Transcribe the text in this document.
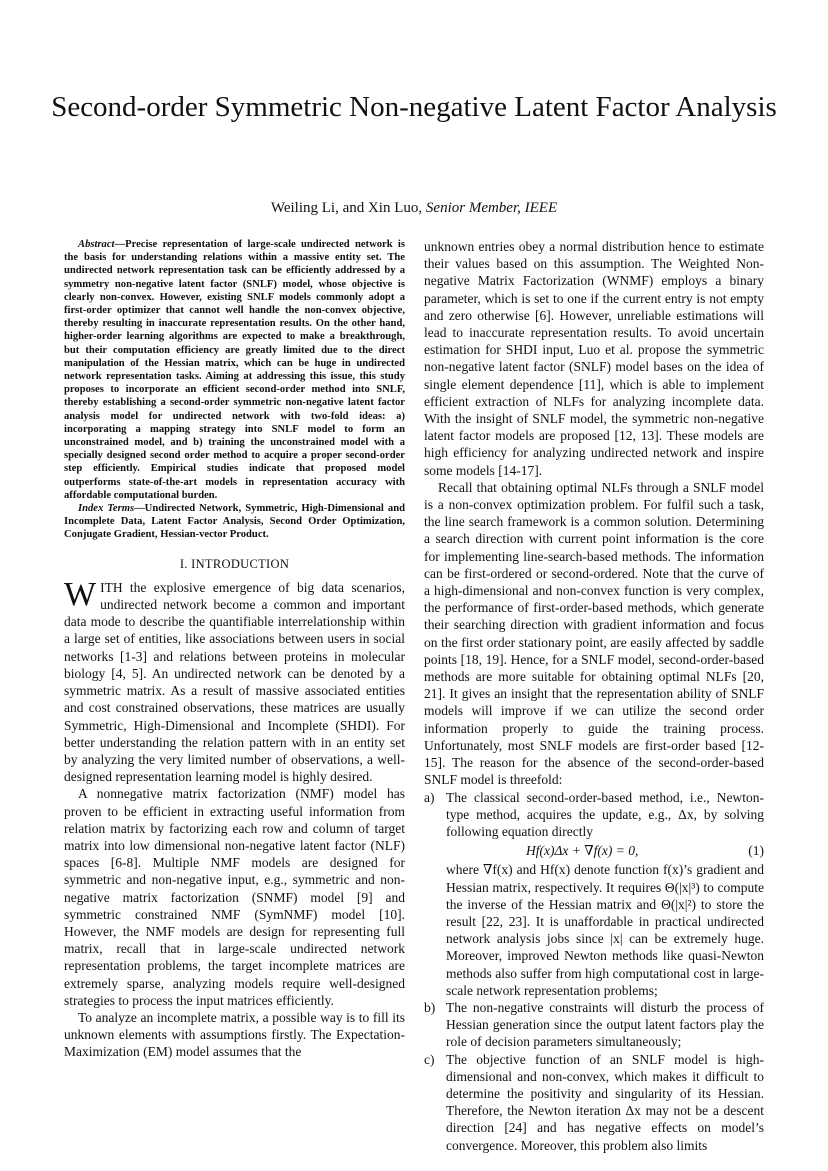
Second-order Symmetric Non-negative Latent Factor Analysis
Weiling Li, and Xin Luo, Senior Member, IEEE

Abstract—Precise representation of large-scale undirected network is the basis for understanding relations within a massive entity set. The undirected network representation task can be efficiently addressed by a symmetry non-negative latent factor (SNLF) model, whose objective is clearly non-convex. However, existing SNLF models commonly adopt a first-order optimizer that cannot well handle the non-convex objective, thereby resulting in inaccurate representation results. On the other hand, higher-order learning algorithms are expected to make a breakthrough, but their computation efficiency are greatly limited due to the direct manipulation of the Hessian matrix, which can be huge in undirected network representation tasks. Aiming at addressing this issue, this study proposes to incorporate an efficient second-order method into SNLF, thereby establishing a second-order symmetric non-negative latent factor analysis model for undirected network with two-fold ideas: a) incorporating a mapping strategy into SNLF model to form an unconstrained model, and b) training the unconstrained model with a specially designed second order method to acquire a proper second-order step efficiently. Empirical studies indicate that proposed model outperforms state-of-the-art models in representation accuracy with affordable computational burden.

Index Terms—Undirected Network, Symmetric, High-Dimensional and Incomplete Data, Latent Factor Analysis, Second Order Optimization, Conjugate Gradient, Hessian-vector Product.

I. INTRODUCTION

WITH the explosive emergence of big data scenarios, undirected network become a common and important data mode to describe the quantifiable interrelationship within a large set of entities, like associations between users in social networks [1-3] and relations between proteins in molecular biology [4, 5]. An undirected network can be denoted by a symmetric matrix. As a result of massive associated entities and cost constrained observations, these matrices are usually Symmetric, High-Dimensional and Incomplete (SHDI). For better understanding the relation pattern with in an entity set by analyzing the very limited number of observations, a well-designed representation learning model is highly desired.

A nonnegative matrix factorization (NMF) model has proven to be efficient in extracting useful information from relation matrix by factorizing each row and column of target matrix into low dimensional non-negative latent factor (NLF) spaces [6-8]. Multiple NMF models are designed for symmetric and non-negative input, e.g., symmetric and non-negative matrix factorization (SNMF) model [9] and symmetric constrained NMF (SymNMF) model [10]. However, the NMF models are design for representing full matrix, recall that in large-scale undirected network representation problems, the target incomplete matrices are extremely sparse, analyzing models require well-designed strategies to process the input matrices efficiently.

To analyze an incomplete matrix, a possible way is to fill its unknown elements with assumptions firstly. The Expectation-Maximization (EM) model assumes that the

unknown entries obey a normal distribution hence to estimate their values based on this assumption. The Weighted Non-negative Matrix Factorization (WNMF) employs a binary parameter, which is set to one if the current entry is not empty and zero otherwise [6]. However, unreliable estimations will lead to inaccurate representation results. To avoid uncertain estimation for SHDI input, Luo et al. propose the symmetric non-negative latent factor (SNLF) model bases on the idea of single element dependence [11], which is able to implement efficient extraction of NLFs for analyzing incomplete data. With the insight of SNLF model, the symmetric non-negative latent factor models are proposed [12, 13]. These models are high efficiency for analyzing undirected network and inspire some models [14-17].

Recall that obtaining optimal NLFs through a SNLF model is a non-convex optimization problem. For fulfil such a task, the line search framework is a common solution. Determining a search direction with current point information is the core for implementing line-search-based methods. The information can be first-ordered or second-ordered. Note that the curve of a high-dimensional and non-convex function is very complex, the performance of first-order-based methods, which generate their searching direction with gradient information and focus on the first order stationary point, are easily affected by saddle points [18, 19]. Hence, for a SNLF model, second-order-based methods are more suitable for obtaining optimal NLFs [20, 21]. It gives an insight that the representation ability of SNLF models will improve if we can utilize the second order information properly to guide the training process. Unfortunately, most SNLF models are first-order based [12-15]. The reason for the absence of the second-order-based SNLF model is threefold:

a) The classical second-order-based method, i.e., Newton-type method, acquires the update, e.g., Δx, by solving following equation directly
Hf(x)Δx + ∇f(x) = 0,	(1)
where ∇f(x) and Hf(x) denote function f(x)’s gradient and Hessian matrix, respectively. It requires Θ(|x|³) to compute the inverse of the Hessian matrix and Θ(|x|²) to store the result [22, 23]. It is unaffordable in practical undirected network analysis jobs since |x| can be extremely huge. Moreover, improved Newton methods like quasi-Newton methods also suffer from high computational cost in large-scale network representation problems;
b) The non-negative constraints will disturb the process of Hessian generation since the output latent factors play the role of decision parameters simultaneously;
c) The objective function of an SNLF model is high-dimensional and non-convex, which makes it difficult to determine the positivity and singularity of its Hessian. Therefore, the Newton iteration Δx may not be a descent direction [24] and has negative effects on model’s convergence. Moreover, this problem also limits
